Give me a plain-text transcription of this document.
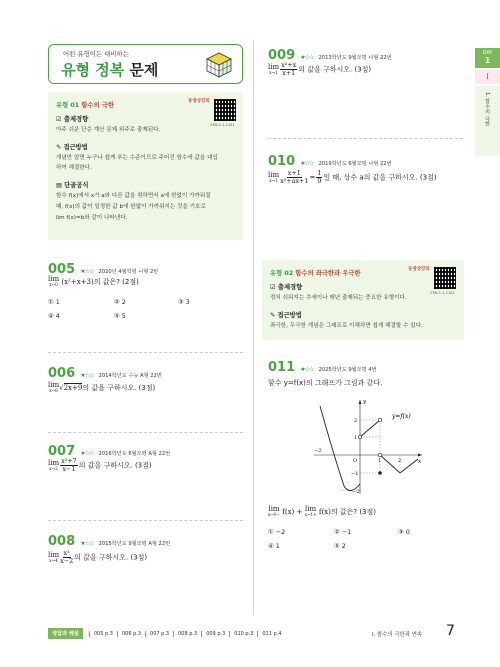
어떤 유형이든 대비하는
유형 정복 문제
유형 01 함수의 극한
동영상강의
23M-1-1-1101
☑ 출제경향
아주 쉬운 단순 계산 문제 위주로 출제된다.
✎ 접근방법
개념만 알면 누구나 쉽게 푸는 수준이므로 주어진 함수에 값을 대입
하여 해결한다.
▤ 단골공식
함수 f(x)에서 x가 a와 다른 값을 취하면서 a에 한없이 가까워질
때, f(x)의 값이 일정한 값 b에 한없이 가까워지는 것을 기호로
lim f(x)=b와 같이 나타낸다.
005 ★☆☆ 2020년 4월학평 나형 2번
lim
x→0 (x²+x+3)의 값은? (2점)
① 1	② 2	③ 3
④ 4	⑤ 5
006 ★☆☆ 2014학년도 수능 A형 22번
lim
x→8 √2x+9의 값을 구하시오. (3점)
007 ★☆☆ 2016학년도 6월모평 A형 22번
lim
$x\to 2 \frac{\text{x²+7}}{x-1}$ 의 값을 구하시오. (3점)
008 ★☆☆ 2015학년도 9월모평 A형 22번
lim
$x\to 4 \frac{\text{x³}}{x-2}$ 의 값을 구하시오. (3점)
009 ★☆☆ 2013학년도 9월모평 나형 22번
lim
$x\to 1 \frac{\text{x²+x}}{x+1}$ 의 값을 구하시오. (3점)
010 ★☆☆ 2019학년도 6월모평 나형 22번
lim
$x\to 1 \frac{x+1}{\text{x²+ax+1}} = \frac{1}{9}$ 일 때, 상수 a의 값을 구하시오. (3점)
유형 02 함수의 좌극한과 우극한
동영상강의
23M-1-1-1102
☑ 출제경향
정처 쉬워지는 추세이나 매년 출제되는 중요한 유형이다.
✎ 접근방법
좌극한, 우극한 개념은 그래프로 이해하면 쉽게 해결할 수 있다.
011 ★☆☆ 2025학년도 9월모평 4번
함수 y=f(x)의 그래프가 그림과 같다.
y=f(x)
y
x
O
2
1
−1
−2
1	2
−2
lim
x→0− f(x) + lim
x→1+ f(x)의 값은? (3점)
① −2	② −1	③ 0
④ 1	⑤ 2
DAY
1
I
1. 함수의 극한
정답과 해설	005 p.3	006 p.3	007 p.3	008 p.3	009 p.3	010 p.3	011 p.4	I. 함수의 극한과 연속 7
